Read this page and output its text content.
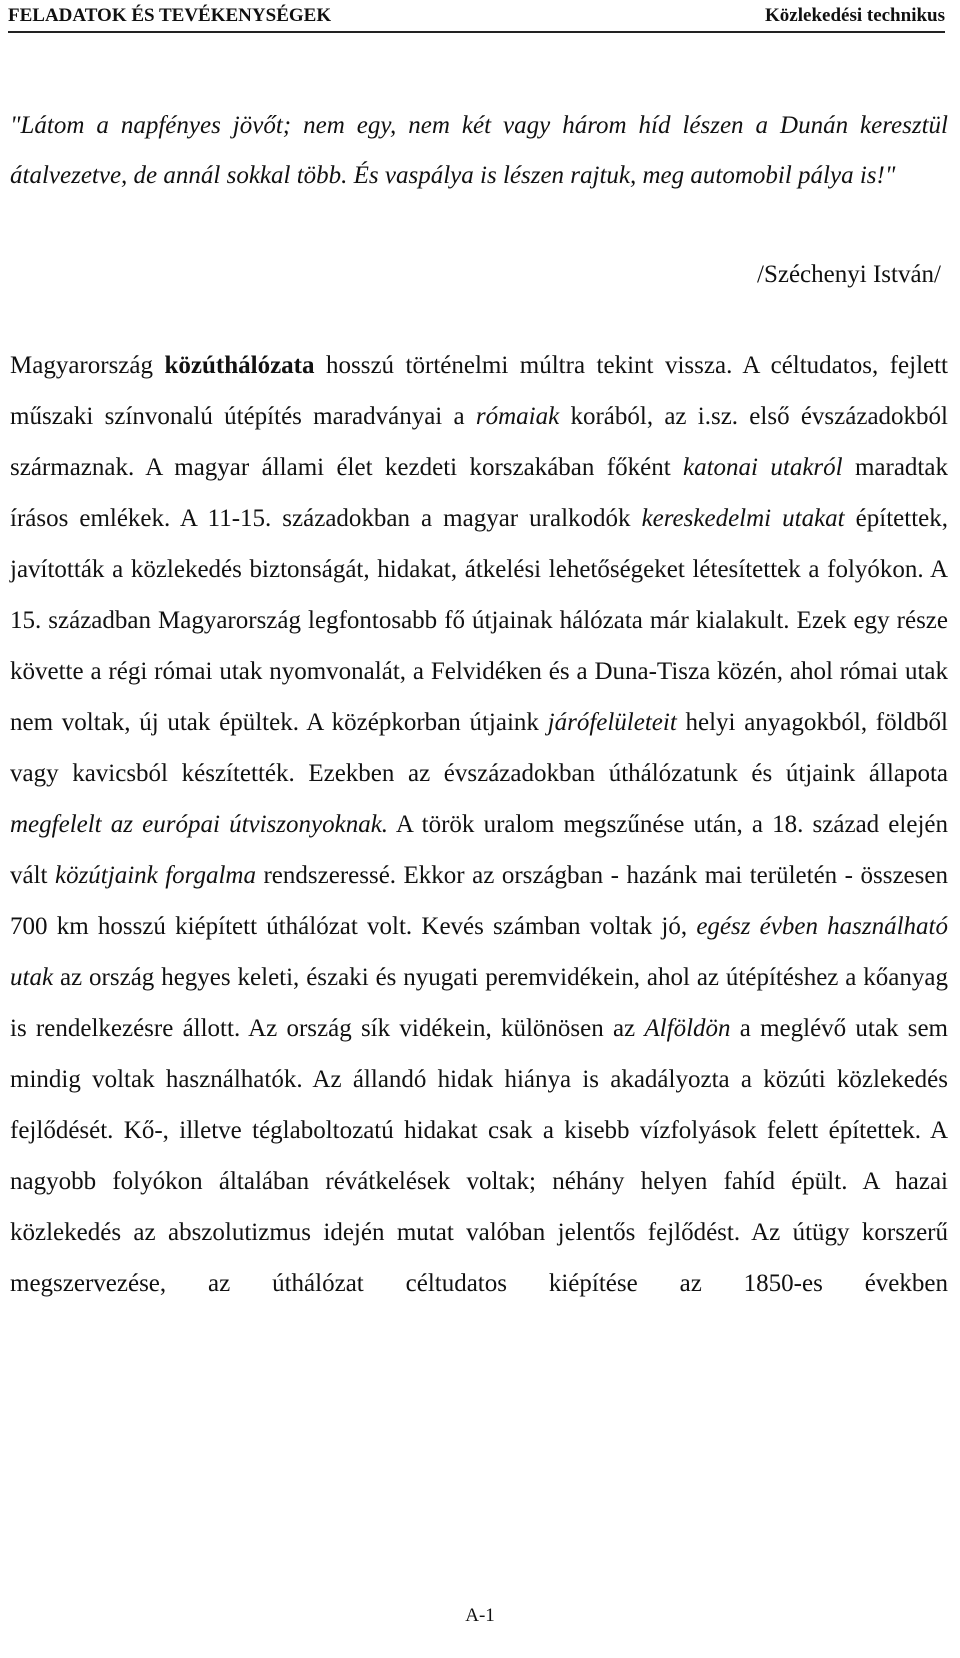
FELADATOK ÉS TEVÉKENYSÉGEK	Közlekedési technikus

"Látom a napfényes jövőt; nem egy, nem két vagy három híd lészen a Dunán keresztül átalvezetve, de annál sokkal több. És vaspálya is lészen rajtuk, meg automobil pálya is!"

/Széchenyi István/

Magyarország közúthálózata hosszú történelmi múltra tekint vissza. A céltudatos, fejlett műszaki színvonalú útépítés maradványai a rómaiak korából, az i.sz. első évszázadokból származnak. A magyar állami élet kezdeti korszakában főként katonai utakról maradtak írásos emlékek. A 11-15. századokban a magyar uralkodók kereskedelmi utakat építettek, javították a közlekedés biztonságát, hidakat, átkelési lehetőségeket létesítettek a folyókon. A 15. században Magyarország legfontosabb fő útjainak hálózata már kialakult. Ezek egy része követte a régi római utak nyomvonalát, a Felvidéken és a Duna-Tisza közén, ahol római utak nem voltak, új utak épültek. A középkorban útjaink járófelületeit helyi anyagokból, földből vagy kavicsból készítették. Ezekben az évszázadokban úthálózatunk és útjaink állapota megfelelt az európai útviszonyoknak. A török uralom megszűnése után, a 18. század elején vált közútjaink forgalma rendszeressé. Ekkor az országban - hazánk mai területén - összesen 700 km hosszú kiépített úthálózat volt. Kevés számban voltak jó, egész évben használható utak az ország hegyes keleti, északi és nyugati peremvidékein, ahol az útépítéshez a kőanyag is rendelkezésre állott. Az ország sík vidékein, különösen az Alföldön a meglévő utak sem mindig voltak használhatók. Az állandó hidak hiánya is akadályozta a közúti közlekedés fejlődését. Kő-, illetve téglaboltozatú hidakat csak a kisebb vízfolyások felett építettek. A nagyobb folyókon általában révátkelések voltak; néhány helyen fahíd épült. A hazai közlekedés az abszolutizmus idején mutat valóban jelentős fejlődést. Az útügy korszerű megszervezése, az úthálózat céltudatos kiépítése az 1850-es években

A-1
